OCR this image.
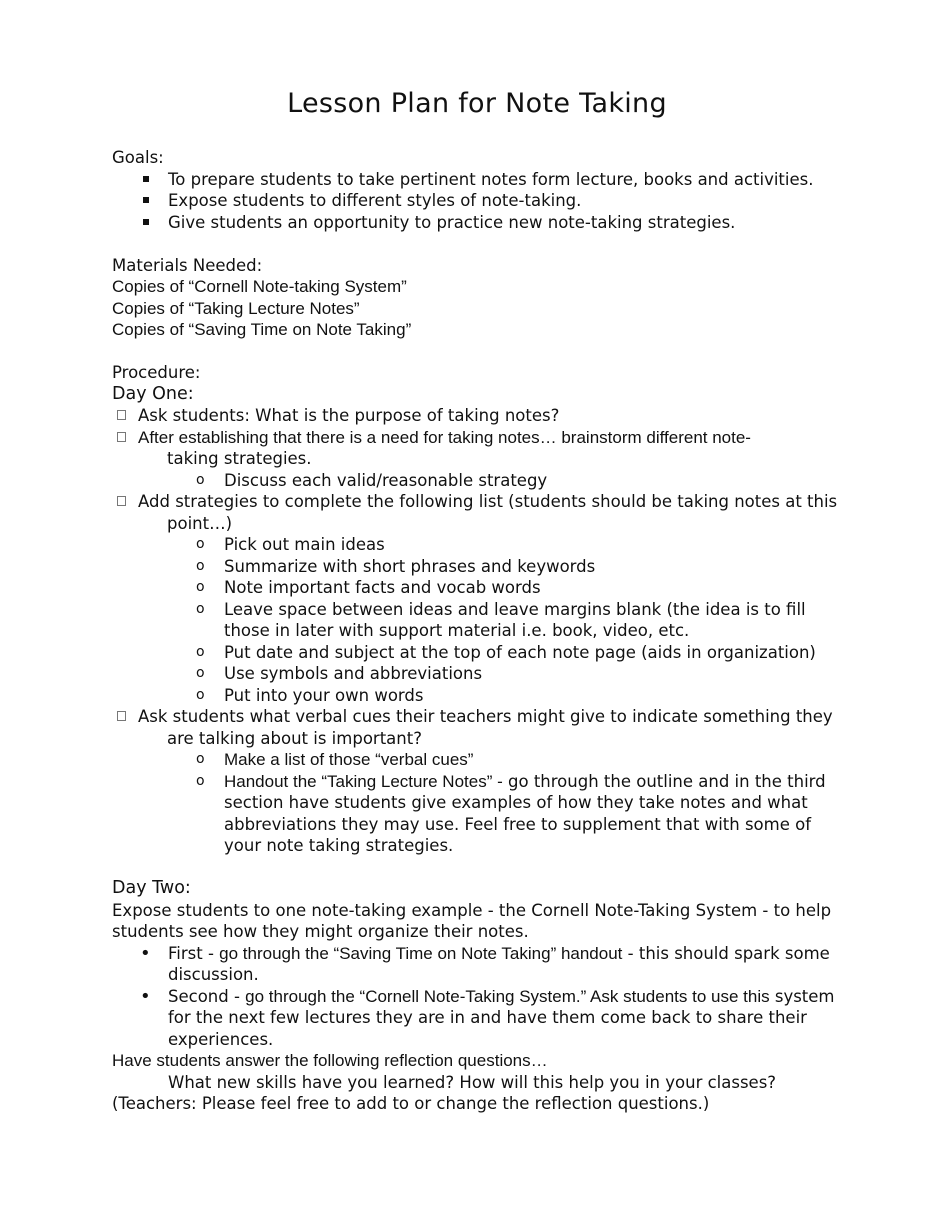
Lesson Plan for Note Taking
Goals:
To prepare students to take pertinent notes form lecture, books and activities.
Expose students to different styles of note-taking.
Give students an opportunity to practice new note-taking strategies.
Materials Needed:
Copies of “Cornell Note-taking System”
Copies of “Taking Lecture Notes”
Copies of “Saving Time on Note Taking”
Procedure:
Day One:
Ask students: What is the purpose of taking notes?
After establishing that there is a need for taking notes… brainstorm different note-
taking strategies.
o Discuss each valid/reasonable strategy
Add strategies to complete the following list (students should be taking notes at this
point…)
o Pick out main ideas
o Summarize with short phrases and keywords
o Note important facts and vocab words
o Leave space between ideas and leave margins blank (the idea is to fill those in later with support material i.e. book, video, etc.
o Put date and subject at the top of each note page (aids in organization)
o Use symbols and abbreviations
o Put into your own words
Ask students what verbal cues their teachers might give to indicate something they
are talking about is important?
o Make a list of those “verbal cues”
o Handout the “Taking Lecture Notes” - go through the outline and in the third section have students give examples of how they take notes and what abbreviations they may use. Feel free to supplement that with some of your note taking strategies.
Day Two:
Expose students to one note-taking example - the Cornell Note-Taking System - to help students see how they might organize their notes.
• First - go through the “Saving Time on Note Taking” handout - this should spark some discussion.
• Second - go through the “Cornell Note-Taking System.” Ask students to use this system for the next few lectures they are in and have them come back to share their experiences.
Have students answer the following reflection questions…
What new skills have you learned? How will this help you in your classes?
(Teachers: Please feel free to add to or change the reflection questions.)
